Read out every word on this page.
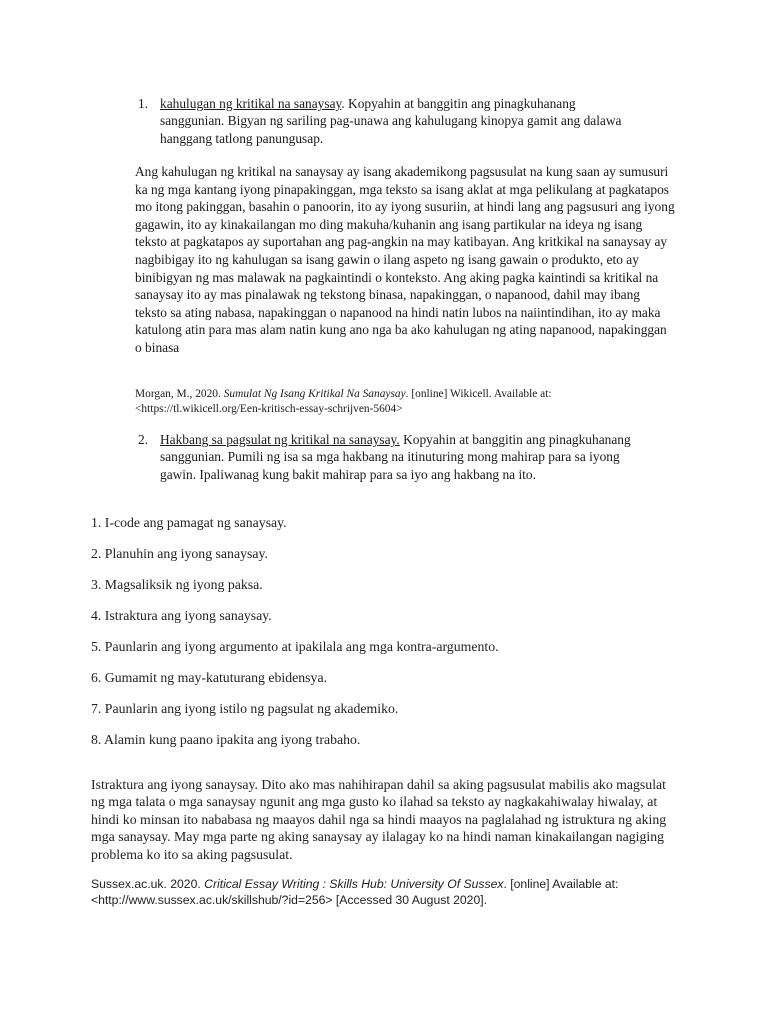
1. kahulugan ng kritikal na sanaysay. Kopyahin at banggitin ang pinagkuhanang sanggunian. Bigyan ng sariling pag-unawa ang kahulugang kinopya gamit ang dalawa hanggang tatlong panungusap.
Ang kahulugan ng kritikal na sanaysay ay isang akademikong pagsusulat na kung saan ay sumusuri ka ng mga kantang iyong pinapakinggan, mga teksto sa isang aklat at mga pelikulang at pagkatapos mo itong pakinggan, basahin o panoorin, ito ay iyong susuriin, at hindi lang ang pagsusuri ang iyong gagawin, ito ay kinakailangan mo ding makuha/kuhanin ang isang partikular na ideya ng isang teksto at pagkatapos ay suportahan ang pag-angkin na may katibayan. Ang kritkikal na sanaysay ay nagbibigay ito ng kahulugan sa isang gawin o ilang aspeto ng isang gawain o produkto, eto ay binibigyan ng mas malawak na pagkaintindi o konteksto. Ang aking pagka kaintindi sa kritikal na sanaysay ito ay mas pinalawak ng tekstong binasa, napakinggan, o napanood, dahil may ibang teksto sa ating nabasa, napakinggan o napanood na hindi natin lubos na naiintindihan, ito ay maka katulong atin para mas alam natin kung ano nga ba ako kahulugan ng ating napanood, napakinggan o binasa
Morgan, M., 2020. Sumulat Ng Isang Kritikal Na Sanaysay. [online] Wikicell. Available at: <https://tl.wikicell.org/Een-kritisch-essay-schrijven-5604>
2. Hakbang sa pagsulat ng kritikal na sanaysay. Kopyahin at banggitin ang pinagkuhanang sanggunian. Pumili ng isa sa mga hakbang na itinuturing mong mahirap para sa iyong gawin. Ipaliwanag kung bakit mahirap para sa iyo ang hakbang na ito.
1. I-code ang pamagat ng sanaysay.
2. Planuhin ang iyong sanaysay.
3. Magsaliksik ng iyong paksa.
4. Istraktura ang iyong sanaysay.
5. Paunlarin ang iyong argumento at ipakilala ang mga kontra-argumento.
6. Gumamit ng may-katuturang ebidensya.
7. Paunlarin ang iyong istilo ng pagsulat ng akademiko.
8. Alamin kung paano ipakita ang iyong trabaho.
Istraktura ang iyong sanaysay. Dito ako mas nahihirapan dahil sa aking pagsusulat mabilis ako magsulat ng mga talata o mga sanaysay ngunit ang mga gusto ko ilahad sa teksto ay nagkakahiwalay hiwalay, at hindi ko minsan ito nababasa ng maayos dahil nga sa hindi maayos na paglalahad ng istruktura ng aking mga sanaysay. May mga parte ng aking sanaysay ay ilalagay ko na hindi naman kinakailangan nagiging problema ko ito sa aking pagsusulat.
Sussex.ac.uk. 2020. Critical Essay Writing : Skills Hub: University Of Sussex. [online] Available at: <http://www.sussex.ac.uk/skillshub/?id=256> [Accessed 30 August 2020].
